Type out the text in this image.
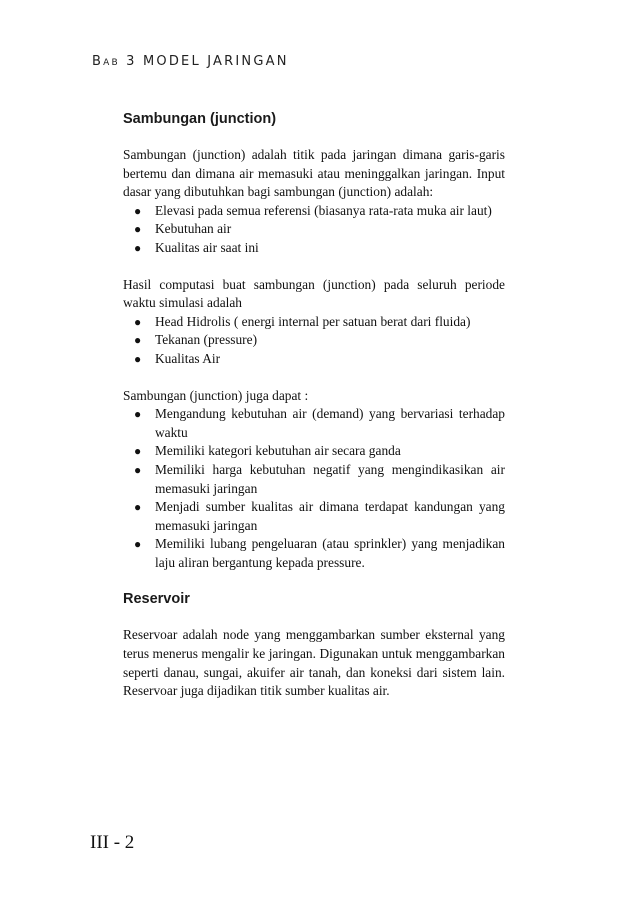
Bab 3 MODEL JARINGAN
Sambungan (junction)

Sambungan (junction) adalah titik pada jaringan dimana garis-garis bertemu dan dimana air memasuki atau meninggalkan jaringan. Input dasar yang dibutuhkan bagi sambungan (junction) adalah:

● Elevasi pada semua referensi (biasanya rata-rata muka air laut)
● Kebutuhan air
● Kualitas air saat ini

Hasil computasi buat sambungan (junction) pada seluruh periode waktu simulasi adalah

● Head Hidrolis ( energi internal per satuan berat dari fluida)
● Tekanan (pressure)
● Kualitas Air

Sambungan (junction) juga dapat :

● Mengandung kebutuhan air (demand) yang bervariasi terhadap waktu
● Memiliki kategori kebutuhan air secara ganda
● Memiliki harga kebutuhan negatif yang mengindikasikan air memasuki jaringan
● Menjadi sumber kualitas air dimana terdapat kandungan yang memasuki jaringan
● Memiliki lubang pengeluaran (atau sprinkler) yang menjadikan laju aliran bergantung kepada pressure.
Reservoir

Reservoar adalah node yang menggambarkan sumber eksternal yang terus menerus mengalir ke jaringan. Digunakan untuk menggambarkan seperti danau, sungai, akuifer air tanah, dan koneksi dari sistem lain. Reservoar juga dijadikan titik sumber kualitas air.

III - 2
